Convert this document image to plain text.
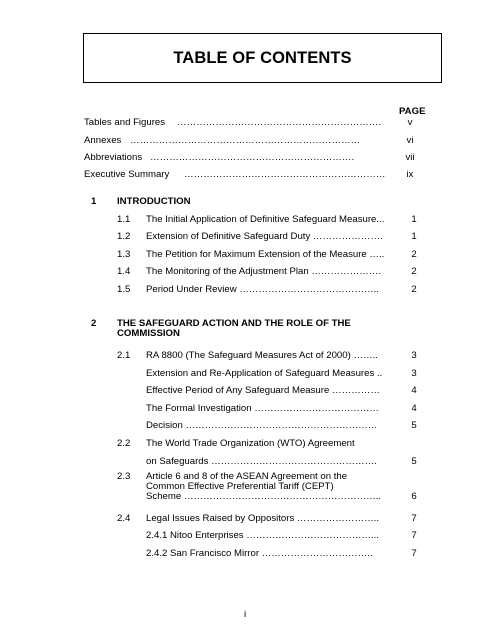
TABLE OF CONTENTS
PAGE
Tables and Figures ……………………………………………………….	v
Annexes ………………………………………………………………	vi
Abbreviations ……………………………………………………….	vii
Executive Summary ………………………………………………………	ix
1 INTRODUCTION
1.1 The Initial Application of Definitive Safeguard Measure...	1
1.2 Extension of Definitive Safeguard Duty ………………….	1
1.3 The Petition for Maximum Extension of the Measure …..	2
1.4 The Monitoring of the Adjustment Plan ………………….	2
1.5 Period Under Review ……………………………………..	2
2 THE SAFEGUARD ACTION AND THE ROLE OF THE
COMMISSION
2.1 RA 8800 (The Safeguard Measures Act of 2000) ……..	3
Extension and Re-Application of Safeguard Measures ..	3
Effective Period of Any Safeguard Measure ……………	4
The Formal Investigation …………………………………	4
Decision ……………………………………………………	5
2.2 The World Trade Organization (WTO) Agreement
on Safeguards …………………………………………….	5
2.3 Article 6 and 8 of the ASEAN Agreement on the
Common Effective Preferential Tariff (CEPT)
Scheme ……………………………………………………..	6
2.4 Legal Issues Raised by Oppositors ……………………..	7
2.4.1 Nitoo Enterprises …………………………………...	7
2.4.2 San Francisco Mirror ……………………………..	7
i
